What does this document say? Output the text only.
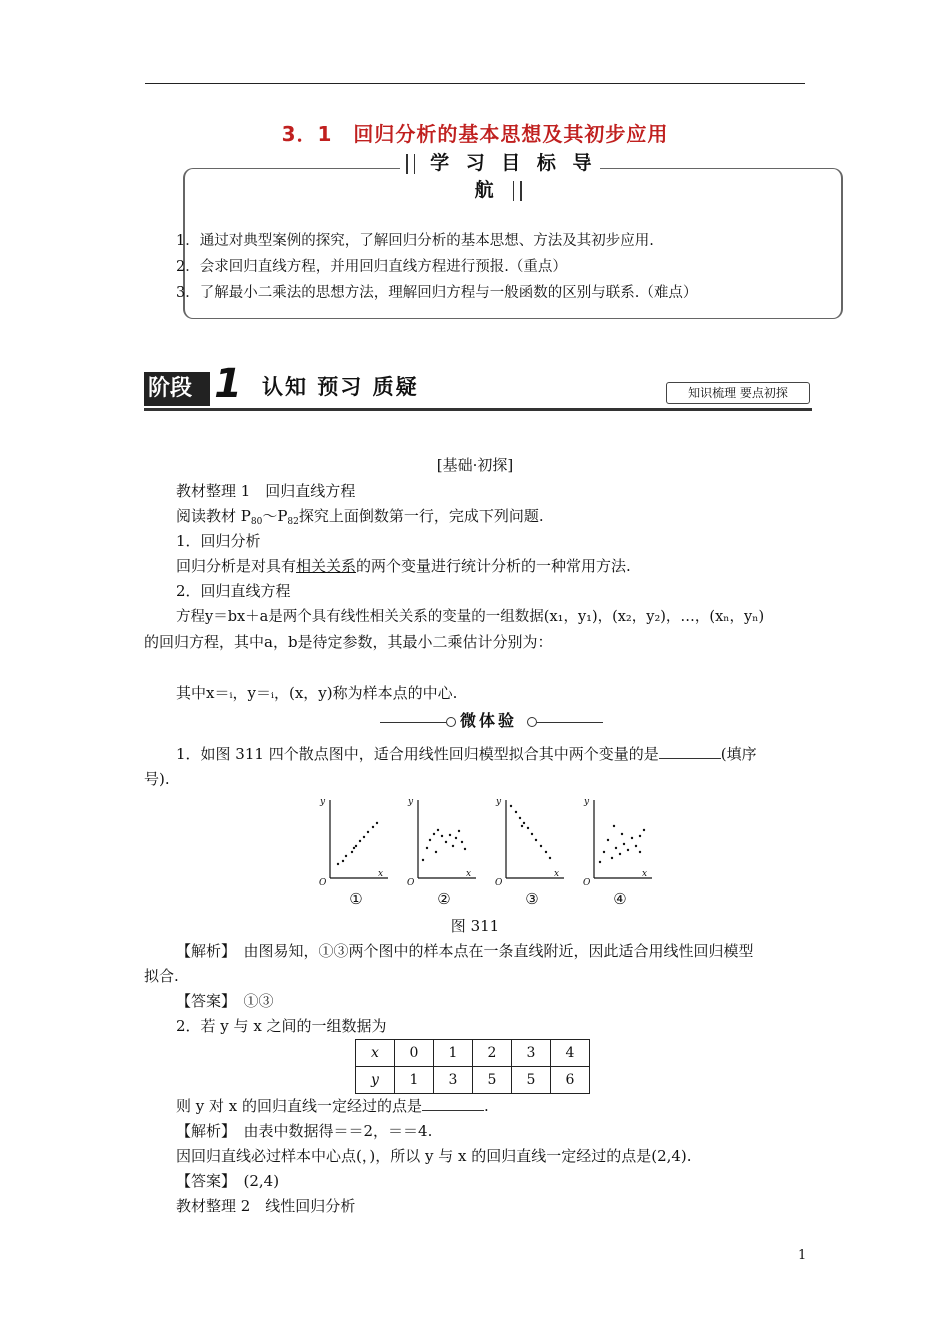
3．1　回归分析的基本思想及其初步应用
学 习 目 标 导 航
1．通过对典型案例的探究，了解回归分析的基本思想、方法及其初步应用.
2．会求回归直线方程，并用回归直线方程进行预报.（重点）
3．了解最小二乘法的思想方法，理解回归方程与一般函数的区别与联系.（难点）
阶段 1 认知 预习 质疑	知识梳理 要点初探
[基础·初探]
教材整理 1　回归直线方程
阅读教材 $P_{80}\sim P_{82}$探究上面倒数第一行，完成下列问题.
1．回归分析
回归分析是对具有相关关系的两个变量进行统计分析的一种常用方法.
2．回归直线方程
方程y＝bx＋a是两个具有线性相关关系的变量的一组数据(x₁，y₁)，(x₂，y₂)，…，(xₙ，yₙ)
的回归方程，其中a，b是待定参数，其最小二乘估计分别为：
其中x＝ᵢ，y＝ᵢ，(x，y)称为样本点的中心.
微体验
1．如图 311 四个散点图中，适合用线性回归模型拟合其中两个变量的是	(填序
号).
y
O
x
y
O
x
y
O
x
y
O
x
①	②	③	④
图 311
【解析】　由图易知，①③两个图中的样本点在一条直线附近，因此适合用线性回归模型
拟合.
【答案】　①③
2．若 y 与 x 之间的一组数据为
x	0	1	2	3	4
y	1	3	5	5	6
则 y 对 x 的回归直线一定经过的点是	.
【解析】　由表中数据得＝＝2，＝＝4.
因回归直线必过样本中心点(，)，所以 y 与 x 的回归直线一定经过的点是(2,4).
【答案】　(2,4)
教材整理 2　线性回归分析
1
